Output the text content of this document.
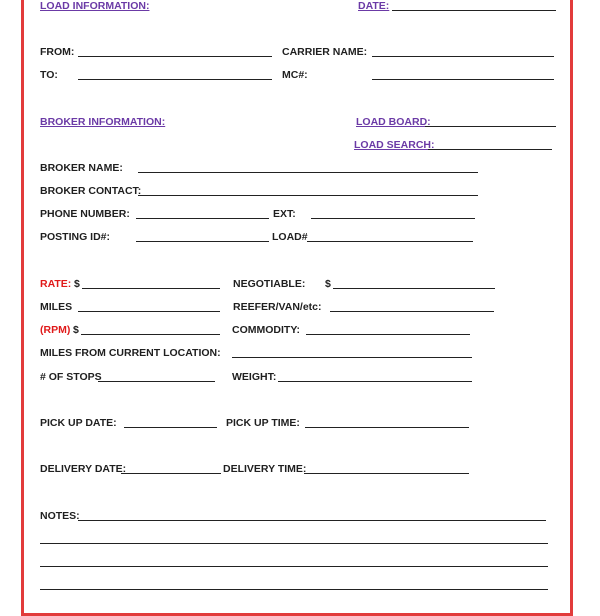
LOAD INFORMATION:	DATE:
FROM:	CARRIER NAME:
TO:	MC#:
BROKER INFORMATION:	LOAD BOARD:
LOAD SEARCH:
BROKER NAME:
BROKER CONTACT:
PHONE NUMBER:	EXT:
POSTING ID#:	LOAD#
RATE: $	NEGOTIABLE: $
MILES	REEFER/VAN/etc:
(RPM) $	COMMODITY:
MILES FROM CURRENT LOCATION:
# OF STOPS	WEIGHT:
PICK UP DATE:	PICK UP TIME:
DELIVERY DATE:	DELIVERY TIME:
NOTES:
